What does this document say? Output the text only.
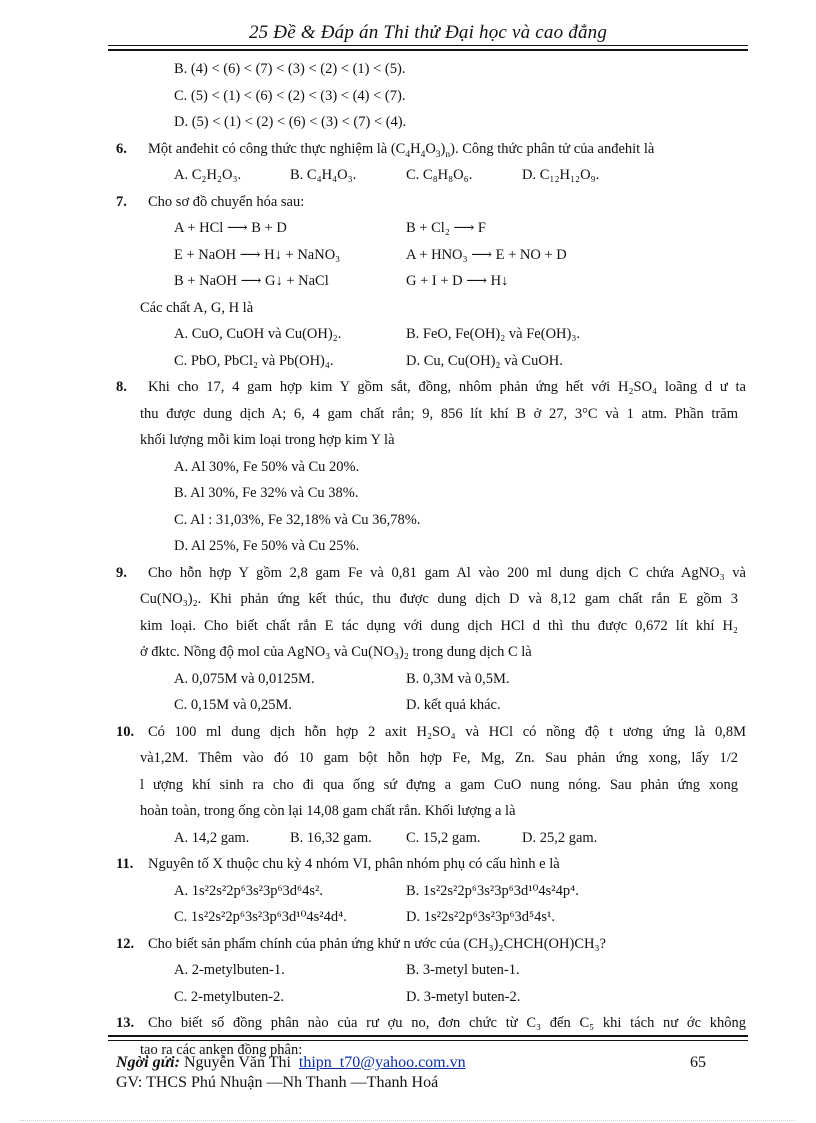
25 Đề & Đáp án Thi thử Đại học và cao đẳng
B. (4) < (6) < (7) < (3) < (2) < (1) < (5).
C. (5) < (1) < (6) < (2) < (3) < (4) < (7).
D. (5) < (1) < (2) < (6) < (3) < (7) < (4).
6. Một anđehit có công thức thực nghiệm là $(C_4H_4O_3)_n$). Công thức phân tử của anđehit là
A. C₂H₂O₃.	B. C₄H₄O₃.	C. C₈H₈O₆.	D. C₁₂H₁₂O₉.
7. Cho sơ đồ chuyển hóa sau:
A + HCl ⟶ B + D	B + Cl₂ ⟶ F
E + NaOH ⟶ H↓ + NaNO₃	A + HNO₃ ⟶ E + NO + D
B + NaOH ⟶ G↓ + NaCl	G + I + D ⟶ H↓
Các chất A, G, H là
A. CuO, CuOH và Cu(OH)₂.	B. FeO, Fe(OH)₂ và Fe(OH)₃.
C. PbO, PbCl₂ và Pb(OH)₄.	D. Cu, Cu(OH)₂ và CuOH.
8. Khi cho 17, 4 gam hợp kim Y gồm sắt, đồng, nhôm phản ứng hết với H₂SO₄ loãng d ư ta
thu được dung dịch A; 6, 4 gam chất rắn; 9, 856 lít khí B ở 27, 3°C và 1 atm. Phần trăm
khối lượng mỗi kim loại trong hợp kim Y là
A. Al 30%, Fe 50% và Cu 20%.
B. Al 30%, Fe 32% và Cu 38%.
C. Al : 31,03%, Fe 32,18% và Cu 36,78%.
D. Al 25%, Fe 50% và Cu 25%.
9. Cho hỗn hợp Y gồm 2,8 gam Fe và 0,81 gam Al vào 200 ml dung dịch C chứa AgNO₃ và
Cu(NO₃)₂. Khi phản ứng kết thúc, thu được dung dịch D và 8,12 gam chất rắn E gồm 3
kim loại. Cho biết chất rắn E tác dụng với dung dịch HCl d thì thu được 0,672 lít khí H₂
ở đktc. Nồng độ mol của AgNO₃ và Cu(NO₃)₂ trong dung dịch C là
A. 0,075M và 0,0125M.	B. 0,3M và 0,5M.
C. 0,15M và 0,25M.	D. kết quả khác.
10. Có 100 ml dung dịch hỗn hợp 2 axit H₂SO₄ và HCl có nồng độ t ương ứng là 0,8M
và1,2M. Thêm vào đó 10 gam bột hỗn hợp Fe, Mg, Zn. Sau phản ứng xong, lấy 1/2
l ượng khí sinh ra cho đi qua ống sứ đựng a gam CuO nung nóng. Sau phản ứng xong
hoàn toàn, trong ống còn lại 14,08 gam chất rắn. Khối lượng a là
A. 14,2 gam.	B. 16,32 gam. C. 15,2 gam.	D. 25,2 gam.
11. Nguyên tố X thuộc chu kỳ 4 nhóm VI, phân nhóm phụ có cấu hình e là
A. 1s²2s²2p⁶3s²3p⁶3d⁶4s².	B. 1s²2s²2p⁶3s²3p⁶3d¹⁰4s²4p⁴.
C. 1s²2s²2p⁶3s²3p⁶3d¹⁰4s²4d⁴.	D. 1s²2s²2p⁶3s²3p⁶3d⁵4s¹.
12. Cho biết sản phẩm chính của phản ứng khử n ước của (CH₃)₂CHCH(OH)CH₃?
A. 2-metylbuten-1.	B. 3-metyl buten-1.
C. 2-metylbuten-2.	D. 3-metyl buten-2.
13. Cho biết số đồng phân nào của rư ợu no, đơn chức từ C₃ đến C₅ khi tách nư ớc không
tạo ra các anken đồng phân:
Ngời gửi: Nguyễn Văn Thi thipn_t70@yahoo.com.vn	65
GV: THCS Phú Nhuận —Nh Thanh —Thanh Hoá
